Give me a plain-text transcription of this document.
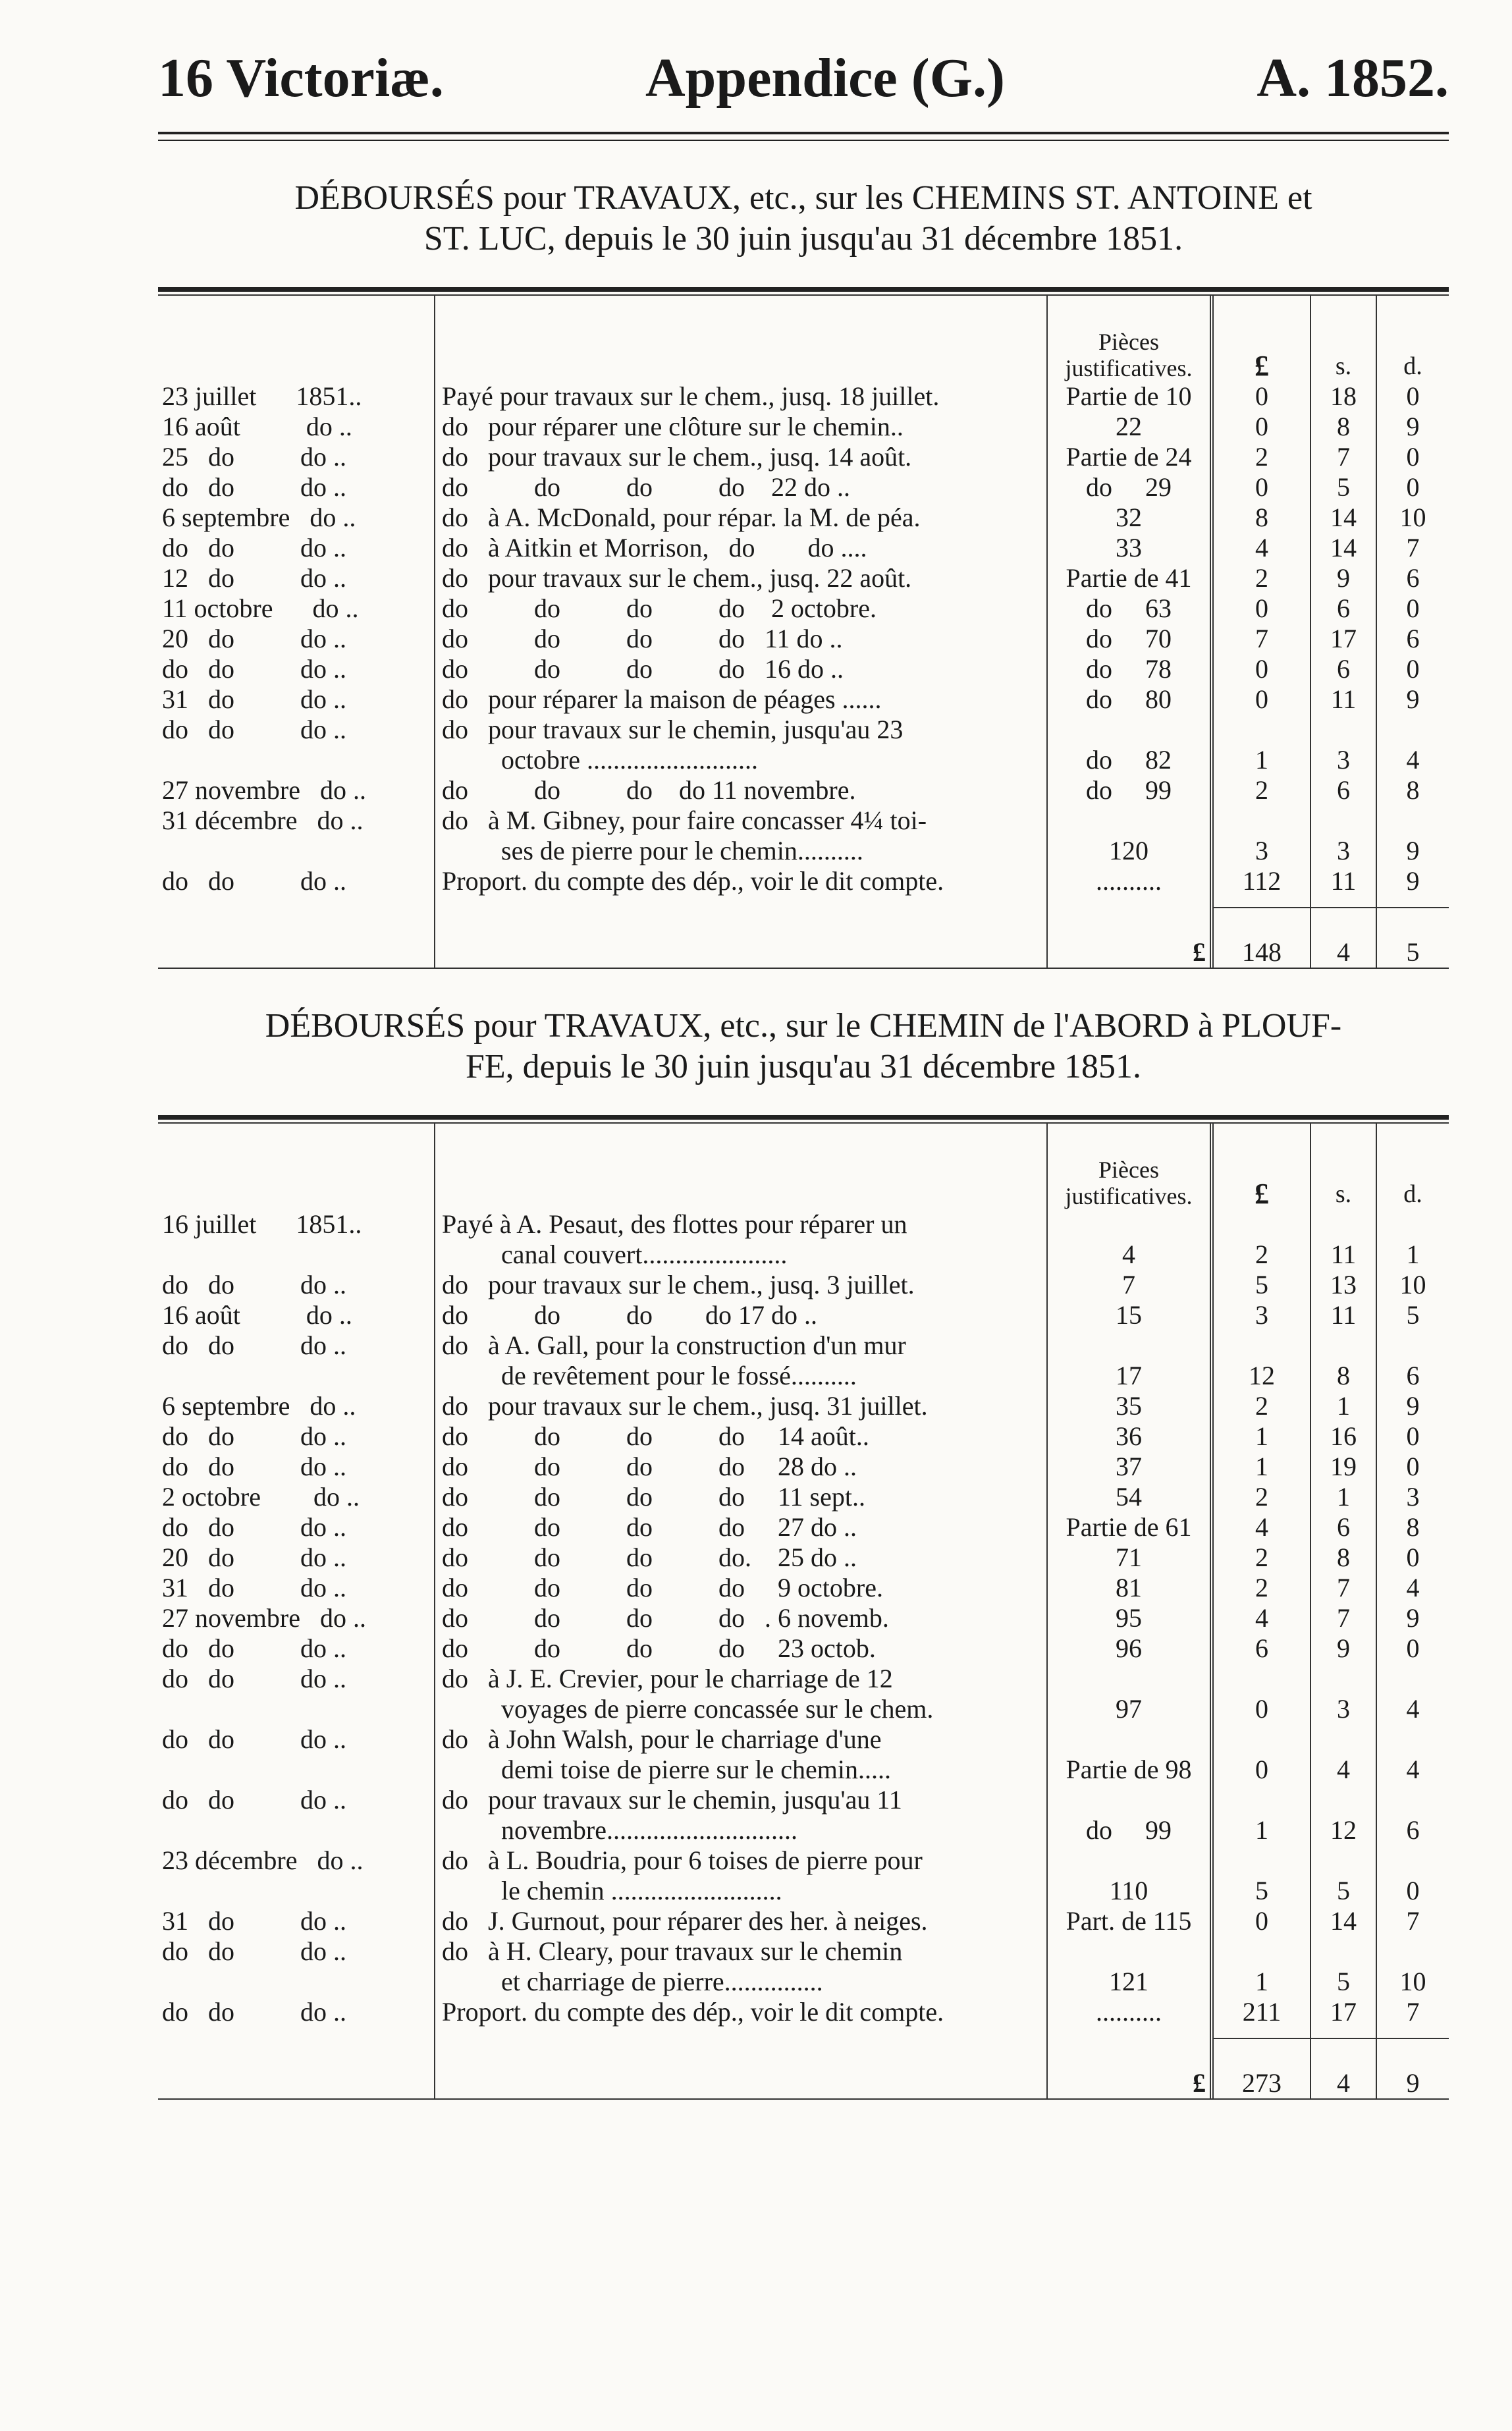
16 Victoriæ.	Appendice (G.)	A. 1852.
DÉBOURSÉS pour TRAVAUX, etc., sur les CHEMINS ST. ANTOINE et
ST. LUC, depuis le 30 juin jusqu'au 31 décembre 1851.
		Pièces justificatives.	£	s.	d.
23 juillet      1851..	Payé pour travaux sur le chem., jusq. 18 juillet.	Partie de 10	0	18	0
16 août          do ..	do   pour réparer une clôture sur le chemin..	22	0	8	9
25   do          do ..	do   pour travaux sur le chem., jusq. 14 août.	Partie de 24	2	7	0
do   do          do ..	do          do          do          do    22 do ..	do     29	0	5	0
6 septembre   do ..	do   à A. McDonald, pour répar. la M. de péa.	32	8	14	10
do   do          do ..	do   à Aitkin et Morrison,   do        do ....	33	4	14	7
12   do          do ..	do   pour travaux sur le chem., jusq. 22 août.	Partie de 41	2	9	6
11 octobre      do ..	do          do          do          do    2 octobre.	do     63	0	6	0
20   do          do ..	do          do          do          do   11 do ..	do     70	7	17	6
do   do          do ..	do          do          do          do   16 do ..	do     78	0	6	0
31   do          do ..	do   pour réparer la maison de péages ......	do     80	0	11	9
do   do          do ..	do   pour travaux sur le chemin, jusqu'au 23				
	octobre ..........................	do     82	1	3	4
27 novembre   do ..	do          do          do    do 11 novembre.	do     99	2	6	8
31 décembre   do ..	do   à M. Gibney, pour faire concasser 4¼ toi-				
	ses de pierre pour le chemin..........	120	3	3	9
do   do          do ..	Proport. du compte des dép., voir le dit compte.	..........	112	11	9

		£	148	4	5
DÉBOURSÉS pour TRAVAUX, etc., sur le CHEMIN de l'ABORD à PLOUF-
FE, depuis le 30 juin jusqu'au 31 décembre 1851.
		Pièces justificatives.	£	s.	d.
16 juillet      1851..	Payé à A. Pesaut, des flottes pour réparer un				
	canal couvert......................	4	2	11	1
do   do          do ..	do   pour travaux sur le chem., jusq. 3 juillet.	7	5	13	10
16 août          do ..	do          do          do        do 17 do ..	15	3	11	5
do   do          do ..	do   à A. Gall, pour la construction d'un mur				
	de revêtement pour le fossé..........	17	12	8	6
6 septembre   do ..	do   pour travaux sur le chem., jusq. 31 juillet.	35	2	1	9
do   do          do ..	do          do          do          do     14 août..	36	1	16	0
do   do          do ..	do          do          do          do     28 do ..	37	1	19	0
2 octobre        do ..	do          do          do          do     11 sept..	54	2	1	3
do   do          do ..	do          do          do          do     27 do ..	Partie de 61	4	6	8
20   do          do ..	do          do          do          do.    25 do ..	71	2	8	0
31   do          do ..	do          do          do          do     9 octobre.	81	2	7	4
27 novembre   do ..	do          do          do          do   . 6 novemb.	95	4	7	9
do   do          do ..	do          do          do          do     23 octob.	96	6	9	0
do   do          do ..	do   à J. E. Crevier, pour le charriage de 12				
	voyages de pierre concassée sur le chem.	97	0	3	4
do   do          do ..	do   à John Walsh, pour le charriage d'une				
	demi toise de pierre sur le chemin.....	Partie de 98	0	4	4
do   do          do ..	do   pour travaux sur le chemin, jusqu'au 11				
	novembre.............................	do     99	1	12	6
23 décembre   do ..	do   à L. Boudria, pour 6 toises de pierre pour				
	le chemin ..........................	110	5	5	0
31   do          do ..	do   J. Gurnout, pour réparer des her. à neiges.	Part. de 115	0	14	7
do   do          do ..	do   à H. Cleary, pour travaux sur le chemin				
	et charriage de pierre...............	121	1	5	10
do   do          do ..	Proport. du compte des dép., voir le dit compte.	..........	211	17	7

		£	273	4	9
